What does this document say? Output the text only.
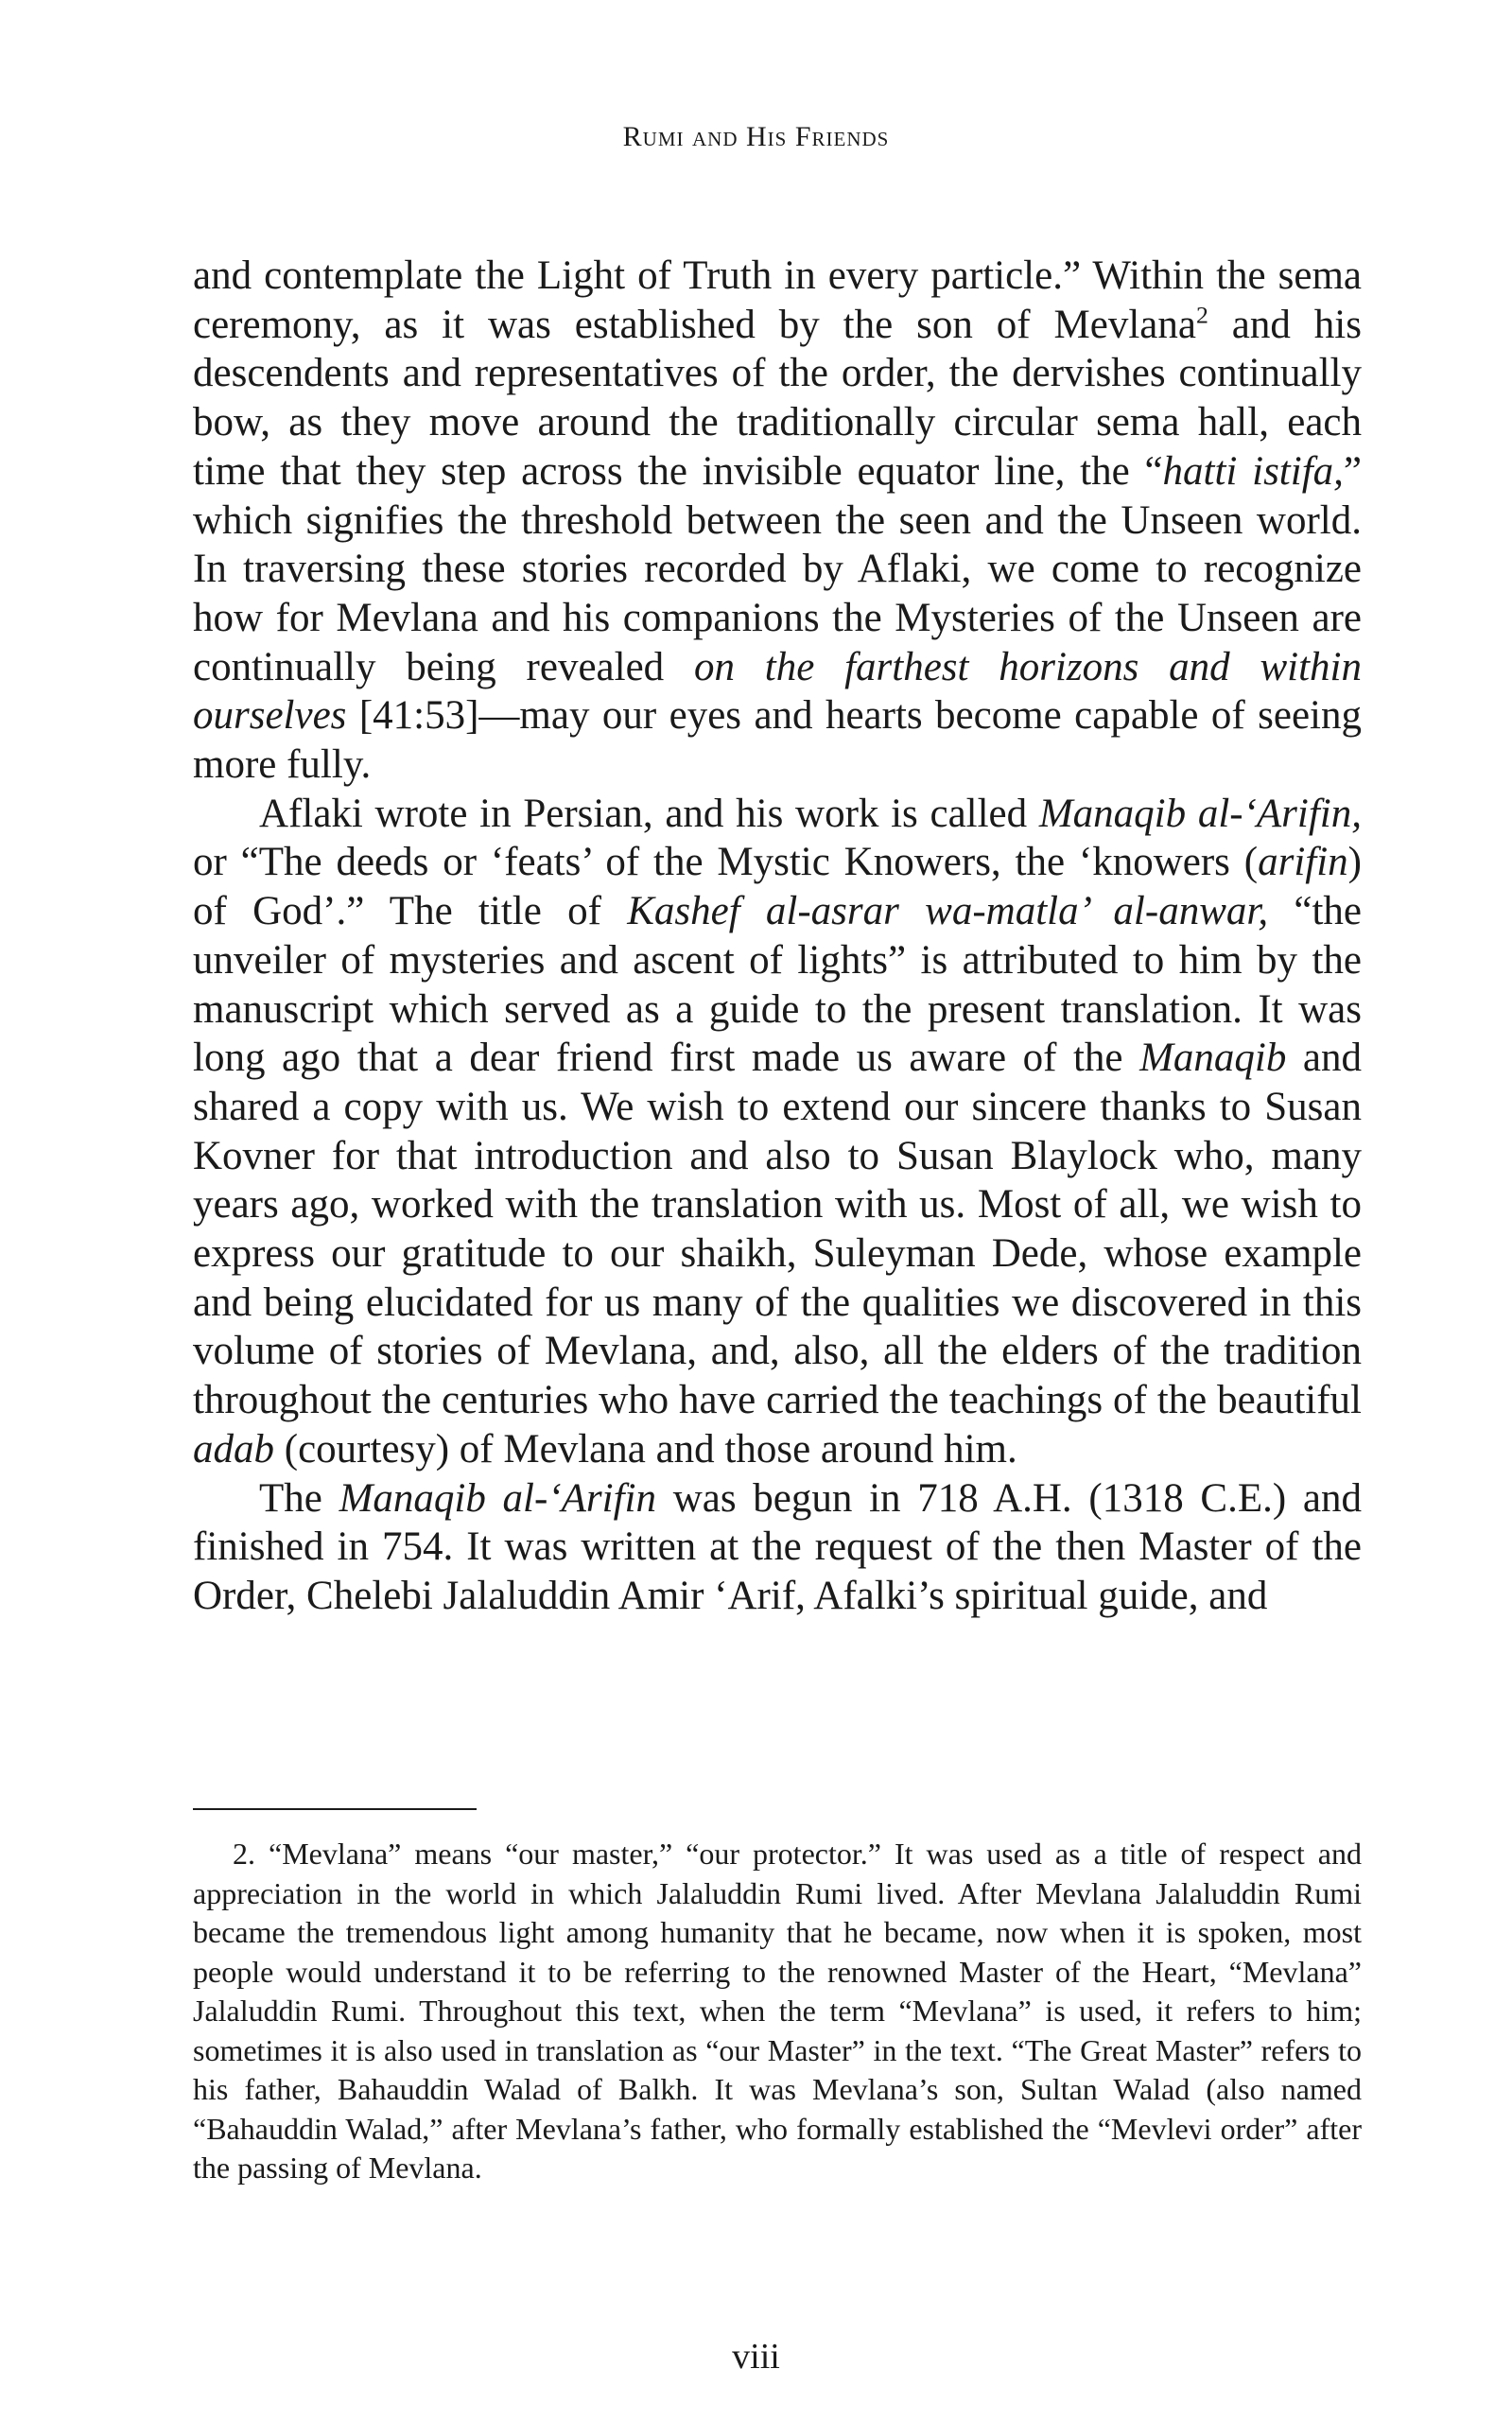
Rumi and His Friends

and contemplate the Light of Truth in every particle.” Within the sema ceremony, as it was established by the son of Mevlana$^2$ and his descendents and representatives of the order, the dervishes continually bow, as they move around the traditionally circular sema hall, each time that they step across the invisible equator line, the “hatti istifa,” which signifies the threshold between the seen and the Unseen world. In traversing these stories recorded by Aflaki, we come to recognize how for Mevlana and his companions the Mysteries of the Unseen are continually being revealed on the farthest horizons and within ourselves [41:53]—may our eyes and hearts become capable of seeing more fully.

Aflaki wrote in Persian, and his work is called Manaqib al-‘Arifin, or “The deeds or ‘feats’ of the Mystic Knowers, the ‘knowers (arifin) of God’.” The title of Kashef al-asrar wa-matla’ al-anwar, “the unveiler of mysteries and ascent of lights” is attributed to him by the manuscript which served as a guide to the present translation. It was long ago that a dear friend first made us aware of the Manaqib and shared a copy with us. We wish to extend our sincere thanks to Susan Kovner for that introduction and also to Susan Blaylock who, many years ago, worked with the translation with us. Most of all, we wish to express our gratitude to our shaikh, Suleyman Dede, whose example and being elucidated for us many of the qualities we discovered in this volume of stories of Mevlana, and, also, all the elders of the tradition throughout the centuries who have carried the teachings of the beautiful adab (courtesy) of Mevlana and those around him.

The Manaqib al-‘Arifin was begun in 718 A.H. (1318 C.E.) and finished in 754. It was written at the request of the then Master of the Order, Chelebi Jalaluddin Amir ‘Arif, Afalki’s spiritual guide, and

2. “Mevlana” means “our master,” “our protector.” It was used as a title of respect and appreciation in the world in which Jalaluddin Rumi lived. After Mevlana Jalaluddin Rumi became the tremendous light among humanity that he became, now when it is spoken, most people would understand it to be referring to the renowned Master of the Heart, “Mevlana” Jalaluddin Rumi. Throughout this text, when the term “Mevlana” is used, it refers to him; sometimes it is also used in translation as “our Master” in the text. “The Great Master” refers to his father, Bahauddin Walad of Balkh. It was Mevlana’s son, Sultan Walad (also named “Bahauddin Walad,” after Mevlana’s father, who formally established the “Mevlevi order” after the passing of Mevlana.
viii
